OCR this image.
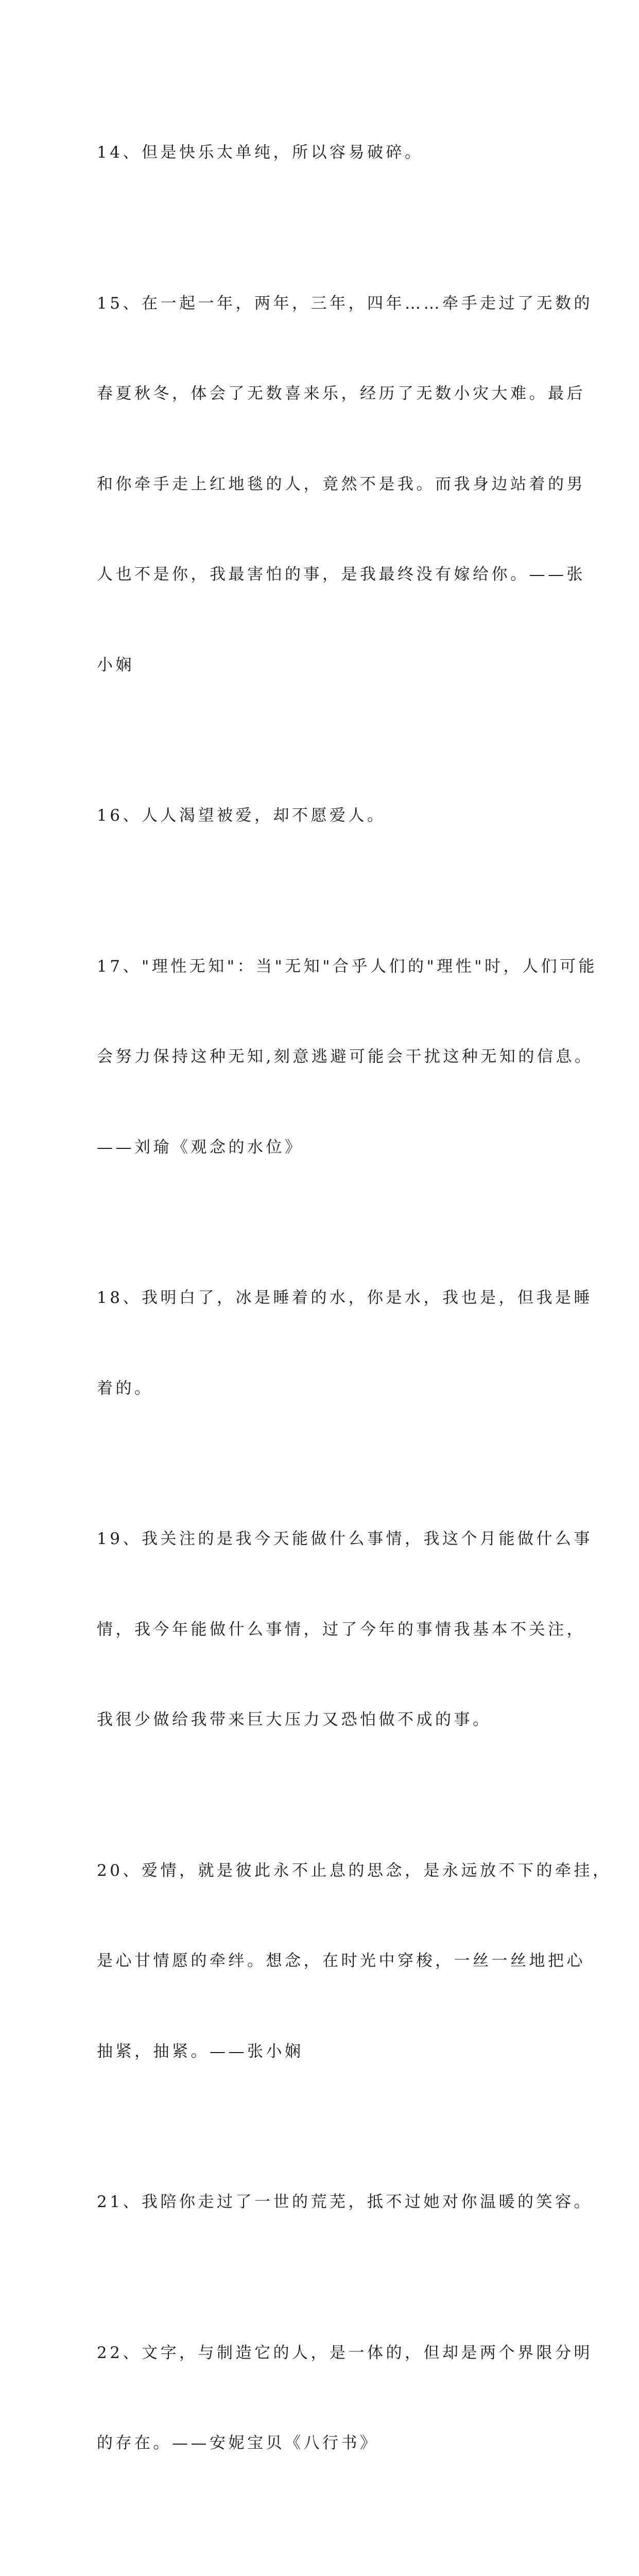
14、但是快乐太单纯，所以容易破碎。

15、在一起一年，两年，三年，四年……牵手走过了无数的

春夏秋冬，体会了无数喜来乐，经历了无数小灾大难。最后

和你牵手走上红地毯的人，竟然不是我。而我身边站着的男

人也不是你，我最害怕的事，是我最终没有嫁给你。——张

小娴

16、人人渴望被爱，却不愿爱人。

17、"理性无知"：当"无知"合乎人们的"理性"时，人们可能

会努力保持这种无知,刻意逃避可能会干扰这种无知的信息。

——刘瑜《观念的水位》

18、我明白了，冰是睡着的水，你是水，我也是，但我是睡

着的。

19、我关注的是我今天能做什么事情，我这个月能做什么事

情，我今年能做什么事情，过了今年的事情我基本不关注，

我很少做给我带来巨大压力又恐怕做不成的事。

20、爱情，就是彼此永不止息的思念，是永远放不下的牵挂，

是心甘情愿的牵绊。想念，在时光中穿梭，一丝一丝地把心

抽紧，抽紧。——张小娴

21、我陪你走过了一世的荒芜，抵不过她对你温暖的笑容。

22、文字，与制造它的人，是一体的，但却是两个界限分明

的存在。——安妮宝贝《八行书》
